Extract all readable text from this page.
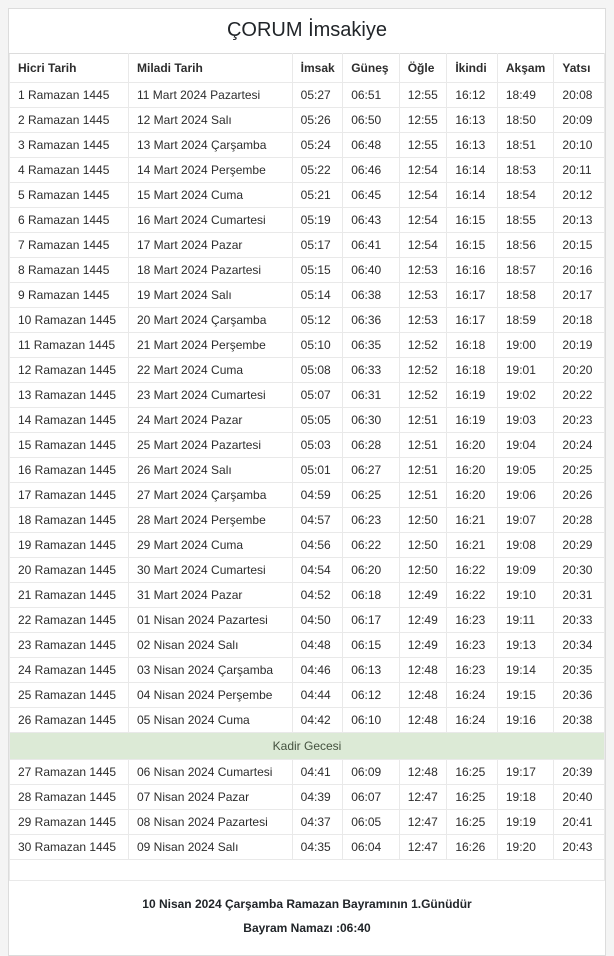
ÇORUM İmsakiye
Hicri Tarih	Miladi Tarih	İmsak	Güneş	Öğle	İkindi	Akşam	Yatsı
1 Ramazan 1445	11 Mart 2024 Pazartesi	05:27	06:51	12:55	16:12	18:49	20:08
2 Ramazan 1445	12 Mart 2024 Salı	05:26	06:50	12:55	16:13	18:50	20:09
3 Ramazan 1445	13 Mart 2024 Çarşamba	05:24	06:48	12:55	16:13	18:51	20:10
4 Ramazan 1445	14 Mart 2024 Perşembe	05:22	06:46	12:54	16:14	18:53	20:11
5 Ramazan 1445	15 Mart 2024 Cuma	05:21	06:45	12:54	16:14	18:54	20:12
6 Ramazan 1445	16 Mart 2024 Cumartesi	05:19	06:43	12:54	16:15	18:55	20:13
7 Ramazan 1445	17 Mart 2024 Pazar	05:17	06:41	12:54	16:15	18:56	20:15
8 Ramazan 1445	18 Mart 2024 Pazartesi	05:15	06:40	12:53	16:16	18:57	20:16
9 Ramazan 1445	19 Mart 2024 Salı	05:14	06:38	12:53	16:17	18:58	20:17
10 Ramazan 1445	20 Mart 2024 Çarşamba	05:12	06:36	12:53	16:17	18:59	20:18
11 Ramazan 1445	21 Mart 2024 Perşembe	05:10	06:35	12:52	16:18	19:00	20:19
12 Ramazan 1445	22 Mart 2024 Cuma	05:08	06:33	12:52	16:18	19:01	20:20
13 Ramazan 1445	23 Mart 2024 Cumartesi	05:07	06:31	12:52	16:19	19:02	20:22
14 Ramazan 1445	24 Mart 2024 Pazar	05:05	06:30	12:51	16:19	19:03	20:23
15 Ramazan 1445	25 Mart 2024 Pazartesi	05:03	06:28	12:51	16:20	19:04	20:24
16 Ramazan 1445	26 Mart 2024 Salı	05:01	06:27	12:51	16:20	19:05	20:25
17 Ramazan 1445	27 Mart 2024 Çarşamba	04:59	06:25	12:51	16:20	19:06	20:26
18 Ramazan 1445	28 Mart 2024 Perşembe	04:57	06:23	12:50	16:21	19:07	20:28
19 Ramazan 1445	29 Mart 2024 Cuma	04:56	06:22	12:50	16:21	19:08	20:29
20 Ramazan 1445	30 Mart 2024 Cumartesi	04:54	06:20	12:50	16:22	19:09	20:30
21 Ramazan 1445	31 Mart 2024 Pazar	04:52	06:18	12:49	16:22	19:10	20:31
22 Ramazan 1445	01 Nisan 2024 Pazartesi	04:50	06:17	12:49	16:23	19:11	20:33
23 Ramazan 1445	02 Nisan 2024 Salı	04:48	06:15	12:49	16:23	19:13	20:34
24 Ramazan 1445	03 Nisan 2024 Çarşamba	04:46	06:13	12:48	16:23	19:14	20:35
25 Ramazan 1445	04 Nisan 2024 Perşembe	04:44	06:12	12:48	16:24	19:15	20:36
26 Ramazan 1445	05 Nisan 2024 Cuma	04:42	06:10	12:48	16:24	19:16	20:38
Kadir Gecesi							
27 Ramazan 1445	06 Nisan 2024 Cumartesi	04:41	06:09	12:48	16:25	19:17	20:39
28 Ramazan 1445	07 Nisan 2024 Pazar	04:39	06:07	12:47	16:25	19:18	20:40
29 Ramazan 1445	08 Nisan 2024 Pazartesi	04:37	06:05	12:47	16:25	19:19	20:41
30 Ramazan 1445	09 Nisan 2024 Salı	04:35	06:04	12:47	16:26	19:20	20:43

10 Nisan 2024 Çarşamba Ramazan Bayramının 1.Günüdür

Bayram Namazı :06:40
